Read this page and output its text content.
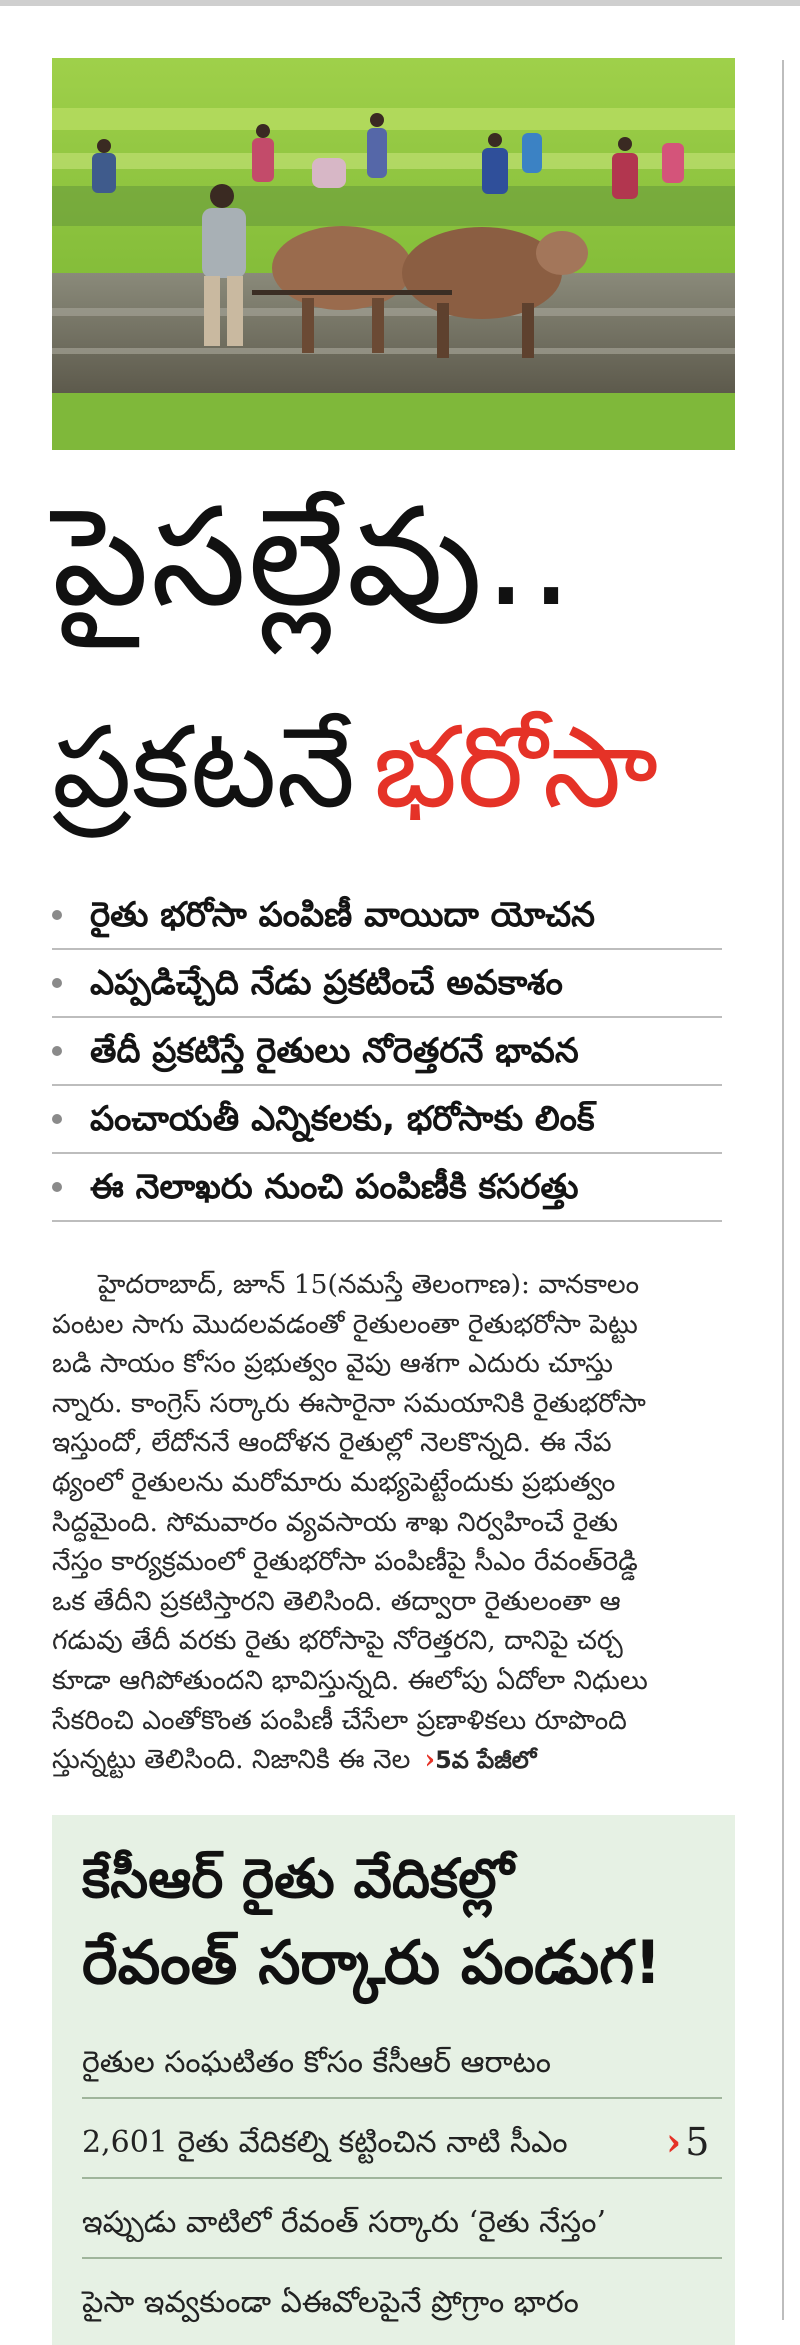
పైసల్లేవు..
ప్రకటనే భరోసా
రైతు భరోసా పంపిణీ వాయిదా యోచన
ఎప్పడిచ్చేది నేడు ప్రకటించే అవకాశం
తేదీ ప్రకటిస్తే రైతులు నోరెత్తరనే భావన
పంచాయతీ ఎన్నికలకు, భరోసాకు లింక్
ఈ నెలాఖరు నుంచి పంపిణీకి కసరత్తు
హైదరాబాద్, జూన్ 15(నమస్తే తెలంగాణ): వానకాలం
పంటల సాగు మొదలవడంతో రైతులంతా రైతుభరోసా పెట్టు
బడి సాయం కోసం ప్రభుత్వం వైపు ఆశగా ఎదురు చూస్తు
న్నారు. కాంగ్రెస్ సర్కారు ఈసారైనా సమయానికి రైతుభరోసా
ఇస్తుందో, లేదోననే ఆందోళన రైతుల్లో నెలకొన్నది. ఈ నేప
థ్యంలో రైతులను మరోమారు మభ్యపెట్టేందుకు ప్రభుత్వం
సిద్ధమైంది. సోమవారం వ్యవసాయ శాఖ నిర్వహించే రైతు
నేస్తం కార్యక్రమంలో రైతుభరోసా పంపిణీపై సీఎం రేవంత్‌రెడ్డి
ఒక తేదీని ప్రకటిస్తారని తెలిసింది. తద్వారా రైతులంతా ఆ
గడువు తేదీ వరకు రైతు భరోసాపై నోరెత్తరని, దానిపై చర్చ
కూడా ఆగిపోతుందని భావిస్తున్నది. ఈలోపు ఏదోలా నిధులు
సేకరించి ఎంతోకొంత పంపిణీ చేసేలా ప్రణాళికలు రూపొంది
స్తున్నట్టు తెలిసింది. నిజానికి ఈ నెల ›5వ పేజీలో
కేసీఆర్ రైతు వేదికల్లో
రేవంత్ సర్కారు పండుగ!
రైతుల సంఘటితం కోసం కేసీఆర్ ఆరాటం
2,601 రైతు వేదికల్ని కట్టించిన నాటి సీఎం	› 5
ఇప్పుడు వాటిలో రేవంత్ సర్కారు ‘రైతు నేస్తం’
పైసా ఇవ్వకుండా ఏఈవోలపైనే ప్రోగ్రాం భారం
